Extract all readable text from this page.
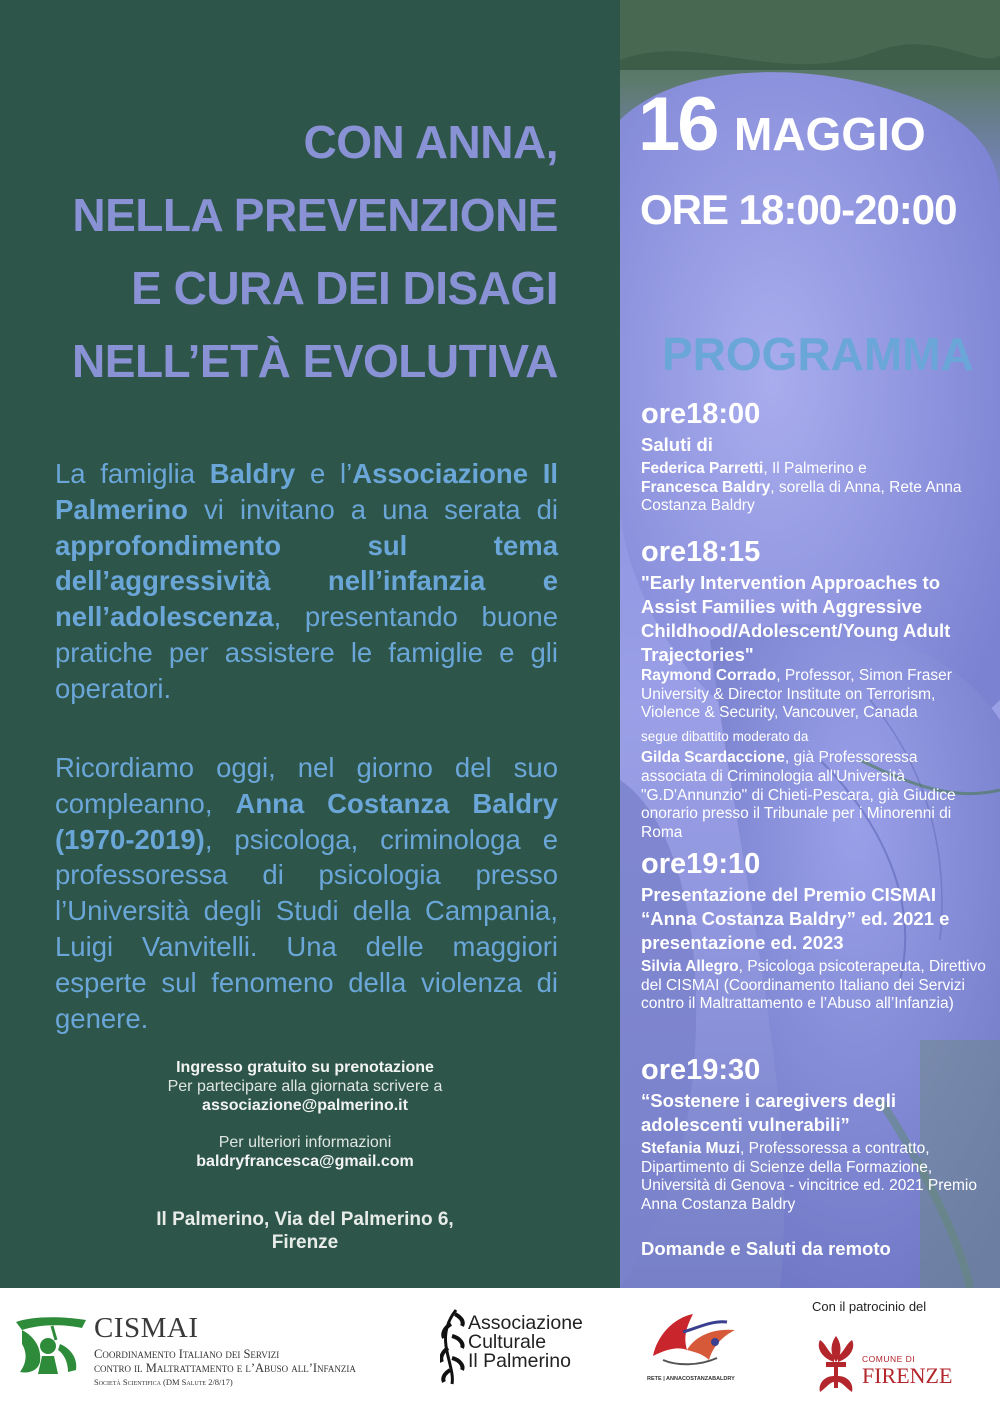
CON ANNA,
NELLA PREVENZIONE
E CURA DEI DISAGI
NELL’ETÀ EVOLUTIVA

La famiglia Baldry e l’Associazione Il Palmerino vi invitano a una serata di approfondimento sul tema dell’aggressività nell’infanzia e nell’adolescenza, presentando buone pratiche per assistere le famiglie e gli operatori.

Ricordiamo oggi, nel giorno del suo compleanno, Anna Costanza Baldry (1970-2019), psicologa, criminologa e professoressa di psicologia presso l’Università degli Studi della Campania, Luigi Vanvitelli. Una delle maggiori esperte sul fenomeno della violenza di genere.

Ingresso gratuito su prenotazione
Per partecipare alla giornata scrivere a
associazione@palmerino.it
Per ulteriori informazioni
baldryfrancesca@gmail.com
Il Palmerino, Via del Palmerino 6,
Firenze
16 MAGGIO
ORE 18:00-20:00
PROGRAMMA
ore18:00
Saluti di
Federica Parretti, Il Palmerino e
Francesca Baldry, sorella di Anna, Rete Anna Costanza Baldry
ore18:15
"Early Intervention Approaches to Assist Families with Aggressive Childhood/Adolescent/Young Adult Trajectories"
Raymond Corrado, Professor, Simon Fraser University & Director Institute on Terrorism, Violence & Security, Vancouver, Canada
segue dibattito moderato da
Gilda Scardaccione, già Professoressa associata di Criminologia all'Università "G.D'Annunzio" di Chieti-Pescara, già Giudice onorario presso il Tribunale per i Minorenni di Roma
ore19:10
Presentazione del Premio CISMAI “Anna Costanza Baldry” ed. 2021 e presentazione ed. 2023
Silvia Allegro, Psicologa psicoterapeuta, Direttivo del CISMAI (Coordinamento Italiano dei Servizi contro il Maltrattamento e l’Abuso all’Infanzia)
ore19:30
“Sostenere i caregivers degli adolescenti vulnerabili”
Stefania Muzi, Professoressa a contratto, Dipartimento di Scienze della Formazione, Università di Genova - vincitrice ed. 2021 Premio Anna Costanza Baldry
Domande e Saluti da remoto
CISMAI
Coordinamento Italiano dei Servizi
contro il Maltrattamento e l’Abuso all’Infanzia
Società Scientifica (DM Salute 2/8/17)
Associazione
Culturale
Il Palmerino
RETE | ANNACOSTANZABALDRY
Con il patrocinio del
COMUNE DI
FIRENZE
